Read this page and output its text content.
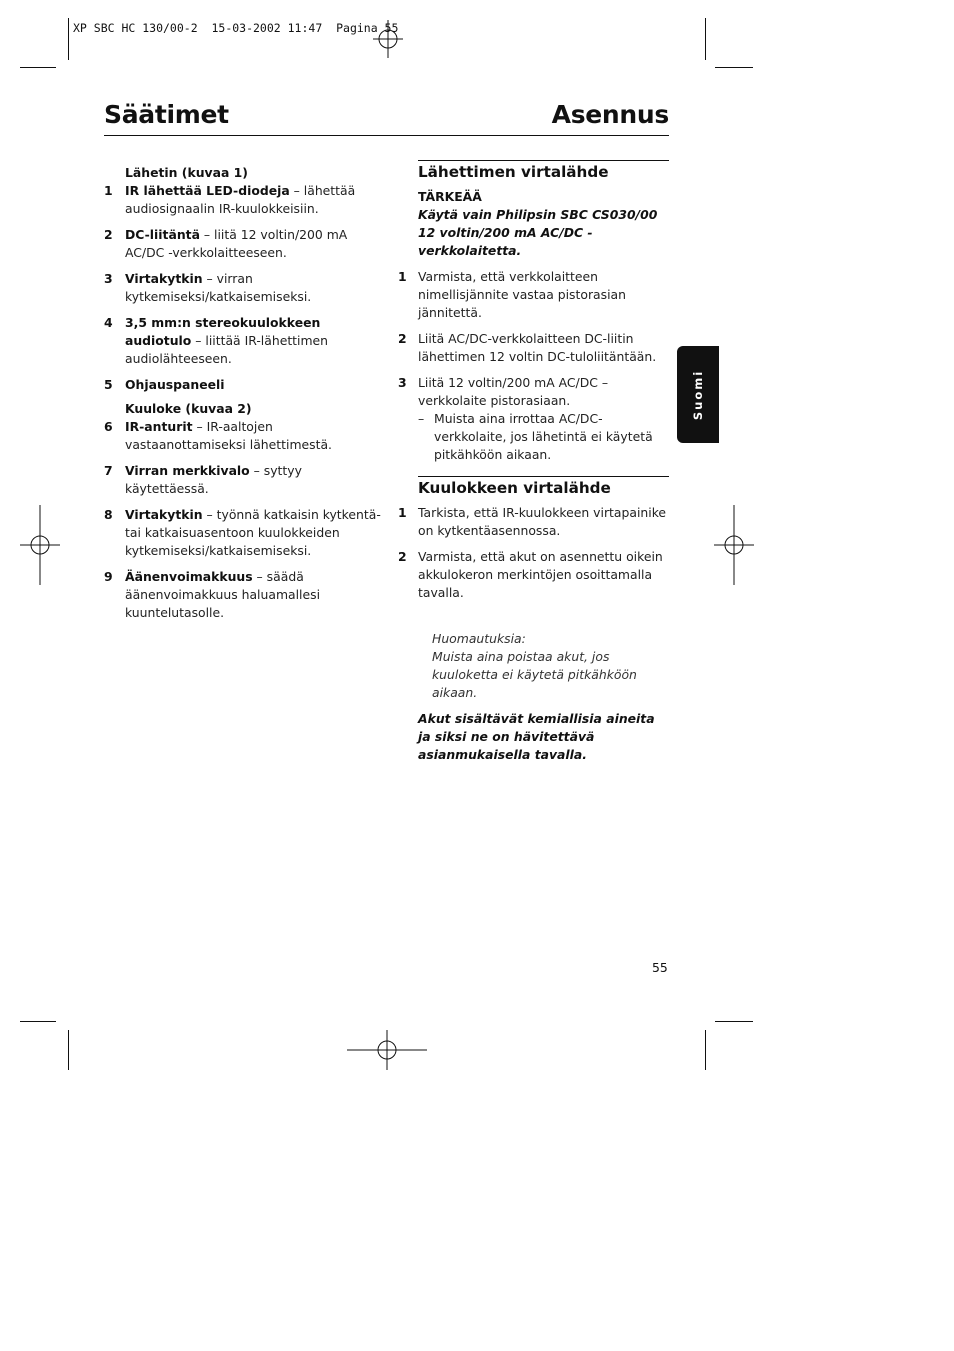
XP SBC HC 130/00-2  15-03-2002 11:47  Pagina 55
Säätimet	Asennus
Lähetin (kuvaa 1)
1 IR lähettää LED-diodeja – lähettää audiosignaalin IR-kuulokkeisiin.
2 DC-liitäntä – liitä 12 voltin/200 mA AC/DC -verkkolaitteeseen.
3 Virtakytkin – virran kytkemiseksi/katkaisemiseksi.
4 3,5 mm:n stereokuulokkeen audiotulo – liittää IR-lähettimen audiolähteeseen.
5 Ohjauspaneeli
Kuuloke (kuvaa 2)
6 IR-anturit – IR-aaltojen vastaanottamiseksi lähettimestä.
7 Virran merkkivalo – syttyy käytettäessä.
8 Virtakytkin – työnnä katkaisin kytkentä- tai katkaisuasentoon kuulokkeiden kytkemiseksi/katkaisemiseksi.
9 Äänenvoimakkuus – säädä äänenvoimakkuus haluamallesi kuuntelutasolle.
Lähettimen virtalähde
TÄRKEÄÄ
Käytä vain Philipsin SBC CS030/00
12 voltin/200 mA AC/DC -verkkolaitetta.
1 Varmista, että verkkolaitteen nimellisjännite vastaa pistorasian jännitettä.
2 Liitä AC/DC-verkkolaitteen DC-liitin lähettimen 12 voltin DC-tuloliitäntään.
3 Liitä 12 voltin/200 mA AC/DC –verkkolaite pistorasiaan.
– Muista aina irrottaa AC/DC-verkkolaite, jos lähetintä ei käytetä pitkähköön aikaan.
Kuulokkeen virtalähde
1 Tarkista, että IR-kuulokkeen virtapainike on kytkentäasennossa.
2 Varmista, että akut on asennettu oikein akkulokeron merkintöjen osoittamalla tavalla.
Huomautuksia:
Muista aina poistaa akut, jos kuuloketta ei käytetä pitkähköön aikaan.
Akut sisältävät kemiallisia aineita ja siksi ne on hävitettävä asianmukaisella tavalla.
Suomi
55
